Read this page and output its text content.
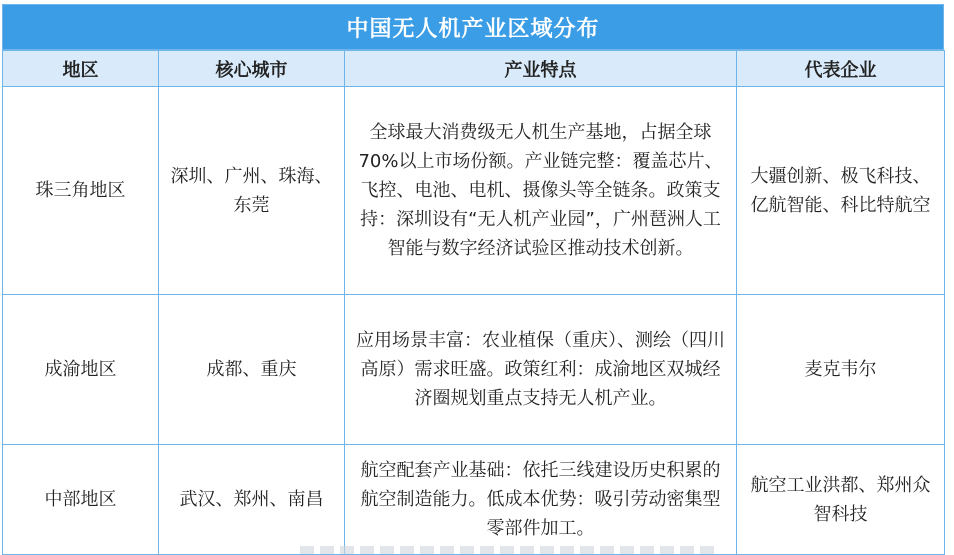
中国无人机产业区域分布
地区	核心城市	产业特点	代表企业
珠三角地区	深圳、广州、珠海、东莞	全球最大消费级无人机生产基地，占据全球70%以上市场份额。产业链完整：覆盖芯片、飞控、电池、电机、摄像头等全链条。政策支持：深圳设有“无人机产业园”，广州琶洲人工智能与数字经济试验区推动技术创新。	大疆创新、极飞科技、亿航智能、科比特航空
成渝地区	成都、重庆	应用场景丰富：农业植保（重庆）、测绘（四川高原）需求旺盛。政策红利：成渝地区双城经济圈规划重点支持无人机产业。	麦克韦尔
中部地区	武汉、郑州、南昌	航空配套产业基础：依托三线建设历史积累的航空制造能力。低成本优势：吸引劳动密集型零部件加工。	航空工业洪都、郑州众智科技
